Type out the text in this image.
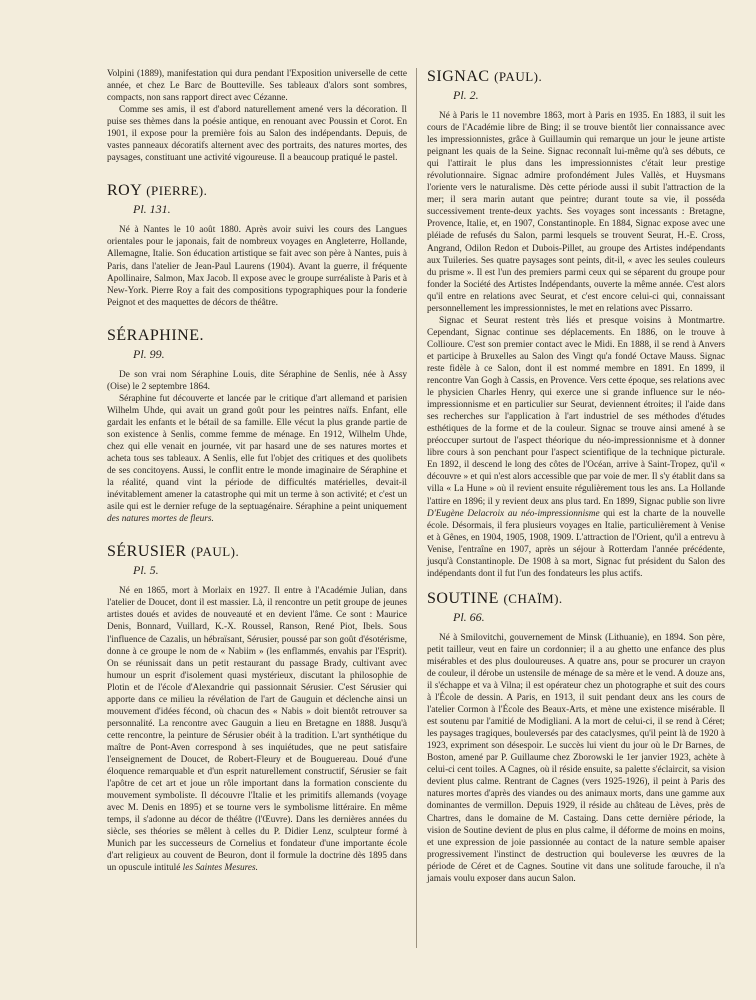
Volpini (1889), manifestation qui dura pendant l'Exposition universelle de cette année, et chez Le Barc de Boutteville. Ses tableaux d'alors sont sombres, compacts, non sans rapport direct avec Cézanne.

Comme ses amis, il est d'abord naturellement amené vers la décoration. Il puise ses thèmes dans la poésie antique, en renouant avec Poussin et Corot. En 1901, il expose pour la première fois au Salon des indépendants. Depuis, de vastes panneaux décoratifs alternent avec des portraits, des natures mortes, des paysages, constituant une activité vigoureuse. Il a beaucoup pratiqué le pastel.

ROY (PIERRE).
Pl. 131.

Né à Nantes le 10 août 1880. Après avoir suivi les cours des Langues orientales pour le japonais, fait de nombreux voyages en Angleterre, Hollande, Allemagne, Italie. Son éducation artistique se fait avec son père à Nantes, puis à Paris, dans l'atelier de Jean-Paul Laurens (1904). Avant la guerre, il fréquente Apollinaire, Salmon, Max Jacob. Il expose avec le groupe surréaliste à Paris et à New-York. Pierre Roy a fait des compositions typographiques pour la fonderie Peignot et des maquettes de décors de théâtre.

SÉRAPHINE.
Pl. 99.

De son vrai nom Séraphine Louis, dite Séraphine de Senlis, née à Assy (Oise) le 2 septembre 1864.

Séraphine fut découverte et lancée par le critique d'art allemand et parisien Wilhelm Uhde, qui avait un grand goût pour les peintres naïfs. Enfant, elle gardait les enfants et le bétail de sa famille. Elle vécut la plus grande partie de son existence à Senlis, comme femme de ménage. En 1912, Wilhelm Uhde, chez qui elle venait en journée, vit par hasard une de ses natures mortes et acheta tous ses tableaux. A Senlis, elle fut l'objet des critiques et des quolibets de ses concitoyens. Aussi, le conflit entre le monde imaginaire de Séraphine et la réalité, quand vint la période de difficultés matérielles, devait-il inévitablement amener la catastrophe qui mit un terme à son activité; et c'est un asile qui est le dernier refuge de la septuagénaire. Séraphine a peint uniquement des natures mortes de fleurs.

SÉRUSIER (PAUL).
Pl. 5.

Né en 1865, mort à Morlaix en 1927. Il entre à l'Académie Julian, dans l'atelier de Doucet, dont il est massier. Là, il rencontre un petit groupe de jeunes artistes doués et avides de nouveauté et en devient l'âme. Ce sont : Maurice Denis, Bonnard, Vuillard, K.-X. Roussel, Ranson, René Piot, Ibels. Sous l'influence de Cazalis, un hébraïsant, Sérusier, poussé par son goût d'ésotérisme, donne à ce groupe le nom de « Nabiim » (les enflammés, envahis par l'Esprit). On se réunissait dans un petit restaurant du passage Brady, cultivant avec humour un esprit d'isolement quasi mystérieux, discutant la philosophie de Plotin et de l'école d'Alexandrie qui passionnait Sérusier. C'est Sérusier qui apporte dans ce milieu la révélation de l'art de Gauguin et déclenche ainsi un mouvement d'idées fécond, où chacun des « Nabis » doit bientôt retrouver sa personnalité. La rencontre avec Gauguin a lieu en Bretagne en 1888. Jusqu'à cette rencontre, la peinture de Sérusier obéit à la tradition. L'art synthétique du maître de Pont-Aven correspond à ses inquiétudes, que ne peut satisfaire l'enseignement de Doucet, de Robert-Fleury et de Bouguereau. Doué d'une éloquence remarquable et d'un esprit naturellement constructif, Sérusier se fait l'apôtre de cet art et joue un rôle important dans la formation consciente du mouvement symboliste. Il découvre l'Italie et les primitifs allemands (voyage avec M. Denis en 1895) et se tourne vers le symbolisme littéraire. En même temps, il s'adonne au décor de théâtre (l'Œuvre). Dans les dernières années du siècle, ses théories se mêlent à celles du P. Didier Lenz, sculpteur formé à Munich par les successeurs de Cornelius et fondateur d'une importante école d'art religieux au couvent de Beuron, dont il formule la doctrine dès 1895 dans un opuscule intitulé les Saintes Mesures.

SIGNAC (PAUL).
Pl. 2.

Né à Paris le 11 novembre 1863, mort à Paris en 1935. En 1883, il suit les cours de l'Académie libre de Bing; il se trouve bientôt lier connaissance avec les impressionnistes, grâce à Guillaumin qui remarque un jour le jeune artiste peignant les quais de la Seine. Signac reconnaît lui-même qu'à ses débuts, ce qui l'attirait le plus dans les impressionnistes c'était leur prestige révolutionnaire. Signac admire profondément Jules Vallès, et Huysmans l'oriente vers le naturalisme. Dès cette période aussi il subit l'attraction de la mer; il sera marin autant que peintre; durant toute sa vie, il posséda successivement trente-deux yachts. Ses voyages sont incessants : Bretagne, Provence, Italie, et, en 1907, Constantinople. En 1884, Signac expose avec une pléiade de refusés du Salon, parmi lesquels se trouvent Seurat, H.-E. Cross, Angrand, Odilon Redon et Dubois-Pillet, au groupe des Artistes indépendants aux Tuileries. Ses quatre paysages sont peints, dit-il, « avec les seules couleurs du prisme ». Il est l'un des premiers parmi ceux qui se séparent du groupe pour fonder la Société des Artistes Indépendants, ouverte la même année. C'est alors qu'il entre en relations avec Seurat, et c'est encore celui-ci qui, connaissant personnellement les impressionnistes, le met en relations avec Pissarro.

Signac et Seurat restent très liés et presque voisins à Montmartre. Cependant, Signac continue ses déplacements. En 1886, on le trouve à Collioure. C'est son premier contact avec le Midi. En 1888, il se rend à Anvers et participe à Bruxelles au Salon des Vingt qu'a fondé Octave Mauss. Signac reste fidèle à ce Salon, dont il est nommé membre en 1891. En 1899, il rencontre Van Gogh à Cassis, en Provence. Vers cette époque, ses relations avec le physicien Charles Henry, qui exerce une si grande influence sur le néo-impressionnisme et en particulier sur Seurat, deviennent étroites; il l'aide dans ses recherches sur l'application à l'art industriel de ses méthodes d'études esthétiques de la forme et de la couleur. Signac se trouve ainsi amené à se préoccuper surtout de l'aspect théorique du néo-impressionnisme et à donner libre cours à son penchant pour l'aspect scientifique de la technique picturale. En 1892, il descend le long des côtes de l'Océan, arrive à Saint-Tropez, qu'il « découvre » et qui n'est alors accessible que par voie de mer. Il s'y établit dans sa villa « La Hune » où il revient ensuite régulièrement tous les ans. La Hollande l'attire en 1896; il y revient deux ans plus tard. En 1899, Signac publie son livre D'Eugène Delacroix au néo-impressionnisme qui est la charte de la nouvelle école. Désormais, il fera plusieurs voyages en Italie, particulièrement à Venise et à Gênes, en 1904, 1905, 1908, 1909. L'attraction de l'Orient, qu'il a entrevu à Venise, l'entraîne en 1907, après un séjour à Rotterdam l'année précédente, jusqu'à Constantinople. De 1908 à sa mort, Signac fut président du Salon des indépendants dont il fut l'un des fondateurs les plus actifs.

SOUTINE (CHAÏM).
Pl. 66.

Né à Smilovitchi, gouvernement de Minsk (Lithuanie), en 1894. Son père, petit tailleur, veut en faire un cordonnier; il a au ghetto une enfance des plus misérables et des plus douloureuses. A quatre ans, pour se procurer un crayon de couleur, il dérobe un ustensile de ménage de sa mère et le vend. A douze ans, il s'échappe et va à Vilna; il est opérateur chez un photographe et suit des cours à l'École de dessin. A Paris, en 1913, il suit pendant deux ans les cours de l'atelier Cormon à l'École des Beaux-Arts, et mène une existence misérable. Il est soutenu par l'amitié de Modigliani. A la mort de celui-ci, il se rend à Céret; les paysages tragiques, bouleversés par des cataclysmes, qu'il peint là de 1920 à 1923, expriment son désespoir. Le succès lui vient du jour où le Dr Barnes, de Boston, amené par P. Guillaume chez Zborowski le 1er janvier 1923, achète à celui-ci cent toiles. A Cagnes, où il réside ensuite, sa palette s'éclaircit, sa vision devient plus calme. Rentrant de Cagnes (vers 1925-1926), il peint à Paris des natures mortes d'après des viandes ou des animaux morts, dans une gamme aux dominantes de vermillon. Depuis 1929, il réside au château de Lèves, près de Chartres, dans le domaine de M. Castaing. Dans cette dernière période, la vision de Soutine devient de plus en plus calme, il déforme de moins en moins, et une expression de joie passionnée au contact de la nature semble apaiser progressivement l'instinct de destruction qui bouleverse les œuvres de la période de Céret et de Cagnes. Soutine vit dans une solitude farouche, il n'a jamais voulu exposer dans aucun Salon.
